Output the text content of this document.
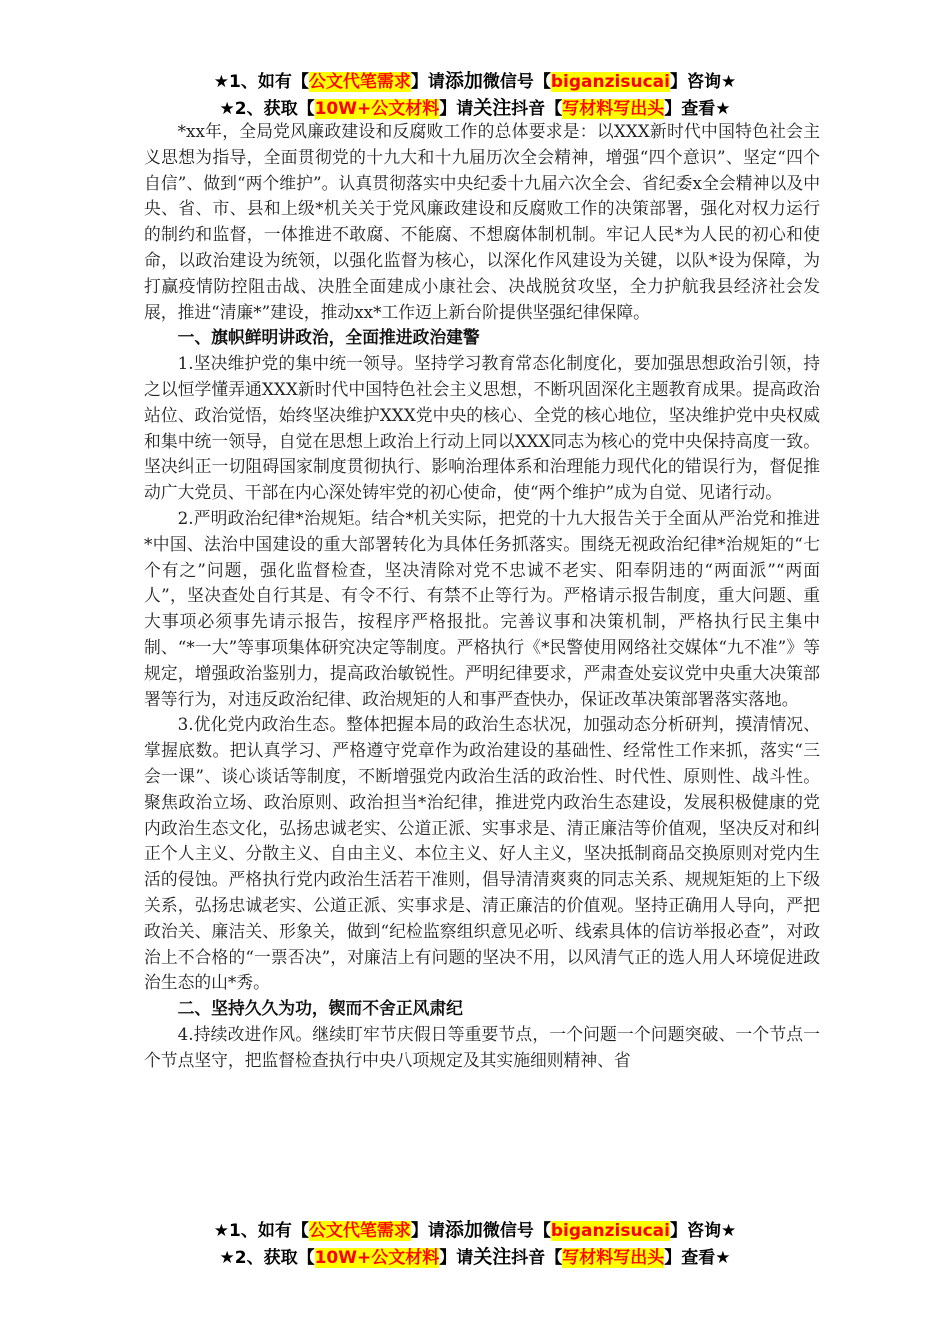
★1、如有【公文代笔需求】请添加微信号【biganzisucai】咨询★
★2、获取【10W+公文材料】请关注抖音【写材料写出头】查看★

*xx年，全局党风廉政建设和反腐败工作的总体要求是：以XXX新时代中国特色社会主义思想为指导，全面贯彻党的十九大和十九届历次全会精神，增强“四个意识”、坚定“四个自信”、做到“两个维护”。认真贯彻落实中央纪委十九届六次全会、省纪委x全会精神以及中央、省、市、县和上级*机关关于党风廉政建设和反腐败工作的决策部署，强化对权力运行的制约和监督，一体推进不敢腐、不能腐、不想腐体制机制。牢记人民*为人民的初心和使命，以政治建设为统领，以强化监督为核心，以深化作风建设为关键，以队*设为保障，为打赢疫情防控阻击战、决胜全面建成小康社会、决战脱贫攻坚，全力护航我县经济社会发展，推进“清廉*”建设，推动xx*工作迈上新台阶提供坚强纪律保障。

一、旗帜鲜明讲政治，全面推进政治建警

1.坚决维护党的集中统一领导。坚持学习教育常态化制度化，要加强思想政治引领，持之以恒学懂弄通XXX新时代中国特色社会主义思想，不断巩固深化主题教育成果。提高政治站位、政治觉悟，始终坚决维护XXX党中央的核心、全党的核心地位，坚决维护党中央权威和集中统一领导，自觉在思想上政治上行动上同以XXX同志为核心的党中央保持高度一致。坚决纠正一切阻碍国家制度贯彻执行、影响治理体系和治理能力现代化的错误行为，督促推动广大党员、干部在内心深处铸牢党的初心使命，使“两个维护”成为自觉、见诸行动。

2.严明政治纪律*治规矩。结合*机关实际，把党的十九大报告关于全面从严治党和推进*中国、法治中国建设的重大部署转化为具体任务抓落实。围绕无视政治纪律*治规矩的“七个有之”问题，强化监督检查，坚决清除对党不忠诚不老实、阳奉阴违的“两面派”“两面人”，坚决查处自行其是、有令不行、有禁不止等行为。严格请示报告制度，重大问题、重大事项必须事先请示报告，按程序严格报批。完善议事和决策机制，严格执行民主集中制、“*一大”等事项集体研究决定等制度。严格执行《*民警使用网络社交媒体“九不准”》等规定，增强政治鉴别力，提高政治敏锐性。严明纪律要求，严肃查处妄议党中央重大决策部署等行为，对违反政治纪律、政治规矩的人和事严查快办，保证改革决策部署落实落地。

3.优化党内政治生态。整体把握本局的政治生态状况，加强动态分析研判，摸清情况、掌握底数。把认真学习、严格遵守党章作为政治建设的基础性、经常性工作来抓，落实“三会一课”、谈心谈话等制度，不断增强党内政治生活的政治性、时代性、原则性、战斗性。聚焦政治立场、政治原则、政治担当*治纪律，推进党内政治生态建设，发展积极健康的党内政治生态文化，弘扬忠诚老实、公道正派、实事求是、清正廉洁等价值观，坚决反对和纠正个人主义、分散主义、自由主义、本位主义、好人主义，坚决抵制商品交换原则对党内生活的侵蚀。严格执行党内政治生活若干准则，倡导清清爽爽的同志关系、规规矩矩的上下级关系，弘扬忠诚老实、公道正派、实事求是、清正廉洁的价值观。坚持正确用人导向，严把政治关、廉洁关、形象关，做到“纪检监察组织意见必听、线索具体的信访举报必查”，对政治上不合格的“一票否决”，对廉洁上有问题的坚决不用，以风清气正的选人用人环境促进政治生态的山*秀。

二、坚持久久为功，锲而不舍正风肃纪

4.持续改进作风。继续盯牢节庆假日等重要节点，一个问题一个问题突破、一个节点一个节点坚守，把监督检查执行中央八项规定及其实施细则精神、省

★1、如有【公文代笔需求】请添加微信号【biganzisucai】咨询★
★2、获取【10W+公文材料】请关注抖音【写材料写出头】查看★
